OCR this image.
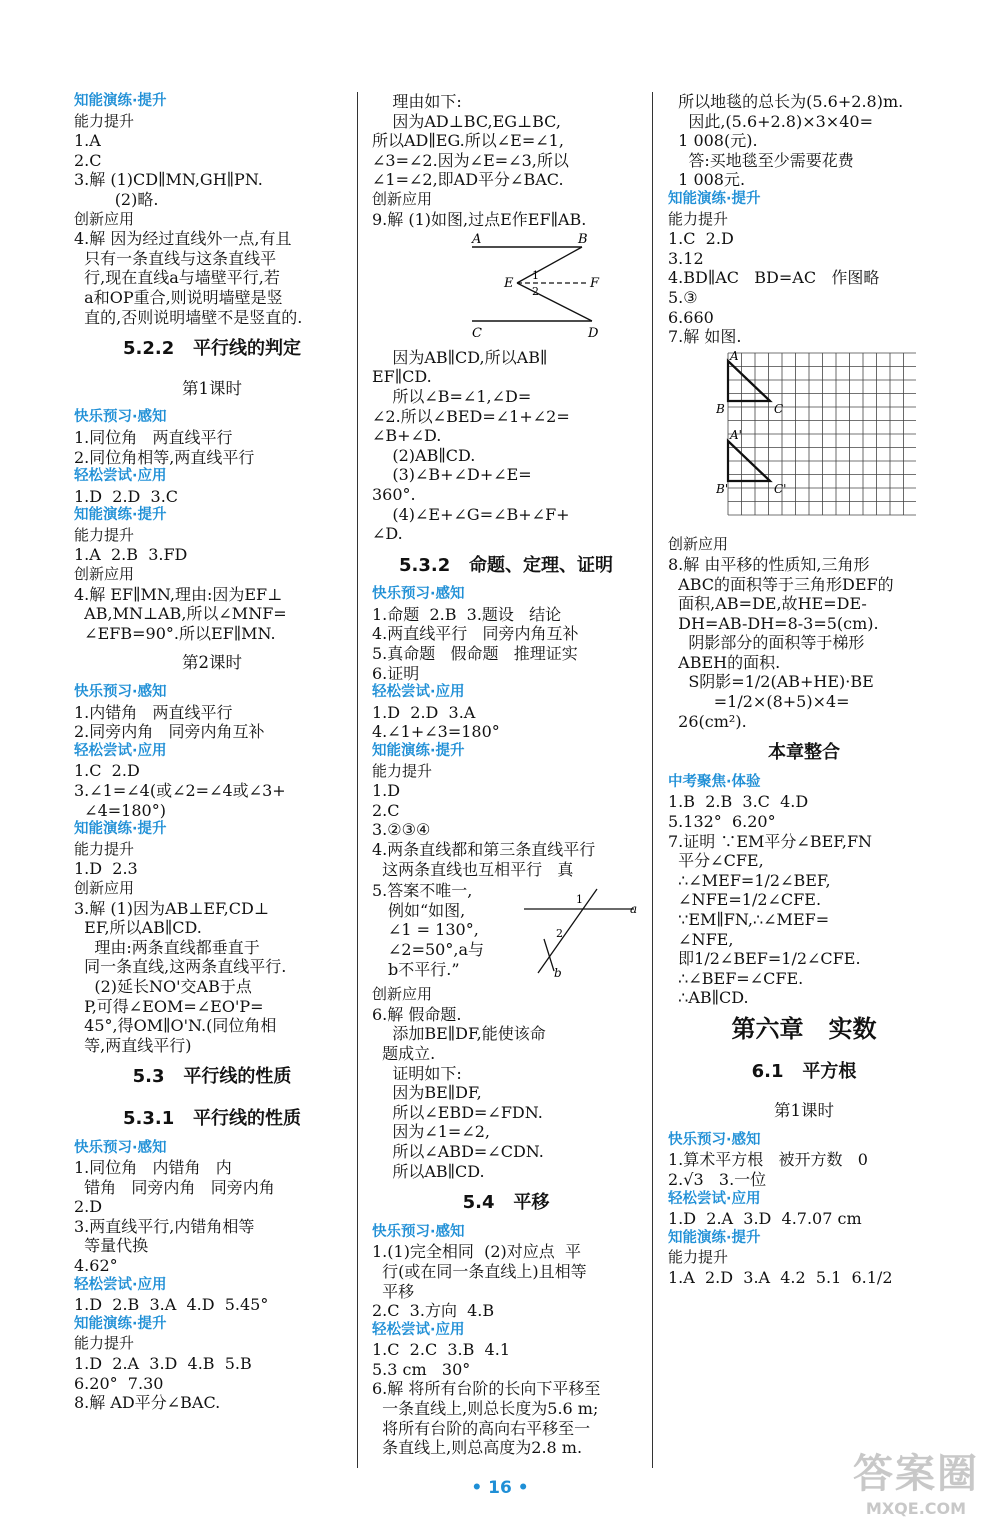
知能演练·提升
能力提升
1.A
2.C
3.解 (1)CD∥MN,GH∥PN.
(2)略.
创新应用
4.解 因为经过直线外一点,有且
只有一条直线与这条直线平
行,现在直线a与墙壁平行,若
a和OP重合,则说明墙壁是竖
直的,否则说明墙壁不是竖直的.
5.2.2   平行线的判定
第1课时
快乐预习·感知
1.同位角   两直线平行
2.同位角相等,两直线平行
轻松尝试·应用
1.D  2.D  3.C
知能演练·提升
能力提升
1.A  2.B  3.FD
创新应用
4.解 EF∥MN,理由:因为EF⊥
AB,MN⊥AB,所以∠MNF=
∠EFB=90°.所以EF∥MN.
第2课时
快乐预习·感知
1.内错角   两直线平行
2.同旁内角   同旁内角互补
轻松尝试·应用
1.C  2.D
3.∠1=∠4(或∠2=∠4或∠3+
∠4=180°)
知能演练·提升
能力提升
1.D  2.3
创新应用
3.解 (1)因为AB⊥EF,CD⊥
EF,所以AB∥CD.
理由:两条直线都垂直于
同一条直线,这两条直线平行.
(2)延长NO'交AB于点
P,可得∠EOM=∠EO'P=
45°,得OM∥O'N.(同位角相
等,两直线平行)
5.3   平行线的性质
5.3.1   平行线的性质
快乐预习·感知
1.同位角   内错角   内
错角   同旁内角   同旁内角
2.D
3.两直线平行,内错角相等
等量代换
4.62°
轻松尝试·应用
1.D  2.B  3.A  4.D  5.45°
知能演练·提升
能力提升
1.D  2.A  3.D  4.B  5.B
6.20°  7.30
8.解 AD平分∠BAC.
理由如下:
因为AD⊥BC,EG⊥BC,
所以AD∥EG.所以∠E=∠1,
∠3=∠2.因为∠E=∠3,所以
∠1=∠2,即AD平分∠BAC.
创新应用
9.解 (1)如图,过点E作EF∥AB.
A	B
C	D
E	F
1
2
因为AB∥CD,所以AB∥
EF∥CD.
所以∠B=∠1,∠D=
∠2.所以∠BED=∠1+∠2=
∠B+∠D.
(2)AB∥CD.
(3)∠B+∠D+∠E=
360°.
(4)∠E+∠G=∠B+∠F+
∠D.
5.3.2   命题、定理、证明
快乐预习·感知
1.命题  2.B  3.题设   结论
4.两直线平行   同旁内角互补
5.真命题   假命题   推理证实
6.证明
轻松尝试·应用
1.D  2.D  3.A
4.∠1+∠3=180°
知能演练·提升
能力提升
1.D
2.C
3.②③④
4.两条直线都和第三条直线平行
这两条直线也互相平行   真
5.答案不唯一,
例如“如图,
∠1 = 130°,
∠2=50°,a与
b不平行.”
1
2
a
b
创新应用
6.解 假命题.
添加BE∥DF,能使该命
题成立.
证明如下:
因为BE∥DF,
所以∠EBD=∠FDN.
因为∠1=∠2,
所以∠ABD=∠CDN.
所以AB∥CD.
5.4   平移
快乐预习·感知
1.(1)完全相同  (2)对应点  平
行(或在同一条直线上)且相等
平移
2.C  3.方向  4.B
轻松尝试·应用
1.C  2.C  3.B  4.1
5.3 cm   30°
6.解 将所有台阶的长向下平移至
一条直线上,则总长度为5.6 m;
将所有台阶的高向右平移至一
条直线上,则总高度为2.8 m.
所以地毯的总长为(5.6+2.8)m.
因此,(5.6+2.8)×3×40=
1 008(元).
答:买地毯至少需要花费
1 008元.
知能演练·提升
能力提升
1.C  2.D
3.12
4.BD∥AC   BD=AC   作图略
5.③
6.660
7.解 如图.
A
B	C
A'
B'	C'
创新应用
8.解 由平移的性质知,三角形
ABC的面积等于三角形DEF的
面积,AB=DE,故HE=DE-
DH=AB-DH=8-3=5(cm).
阴影部分的面积等于梯形
ABEH的面积.
S阴影=1/2(AB+HE)·BE
=1/2×(8+5)×4=
26(cm²).
本章整合
中考聚焦·体验
1.B  2.B  3.C  4.D
5.132°  6.20°
7.证明 ∵EM平分∠BEF,FN
平分∠CFE,
∴∠MEF=1/2∠BEF,
∠NFE=1/2∠CFE.
∵EM∥FN,∴∠MEF=
∠NFE,
即1/2∠BEF=1/2∠CFE.
∴∠BEF=∠CFE.
∴AB∥CD.
第六章   实数
6.1   平方根
第1课时
快乐预习·感知
1.算术平方根   被开方数   0
2.√3   3.一位
轻松尝试·应用
1.D  2.A  3.D  4.7.07 cm
知能演练·提升
能力提升
1.A  2.D  3.A  4.2  5.1  6.1/2
• 16 •	答案圈
MXQE.COM
